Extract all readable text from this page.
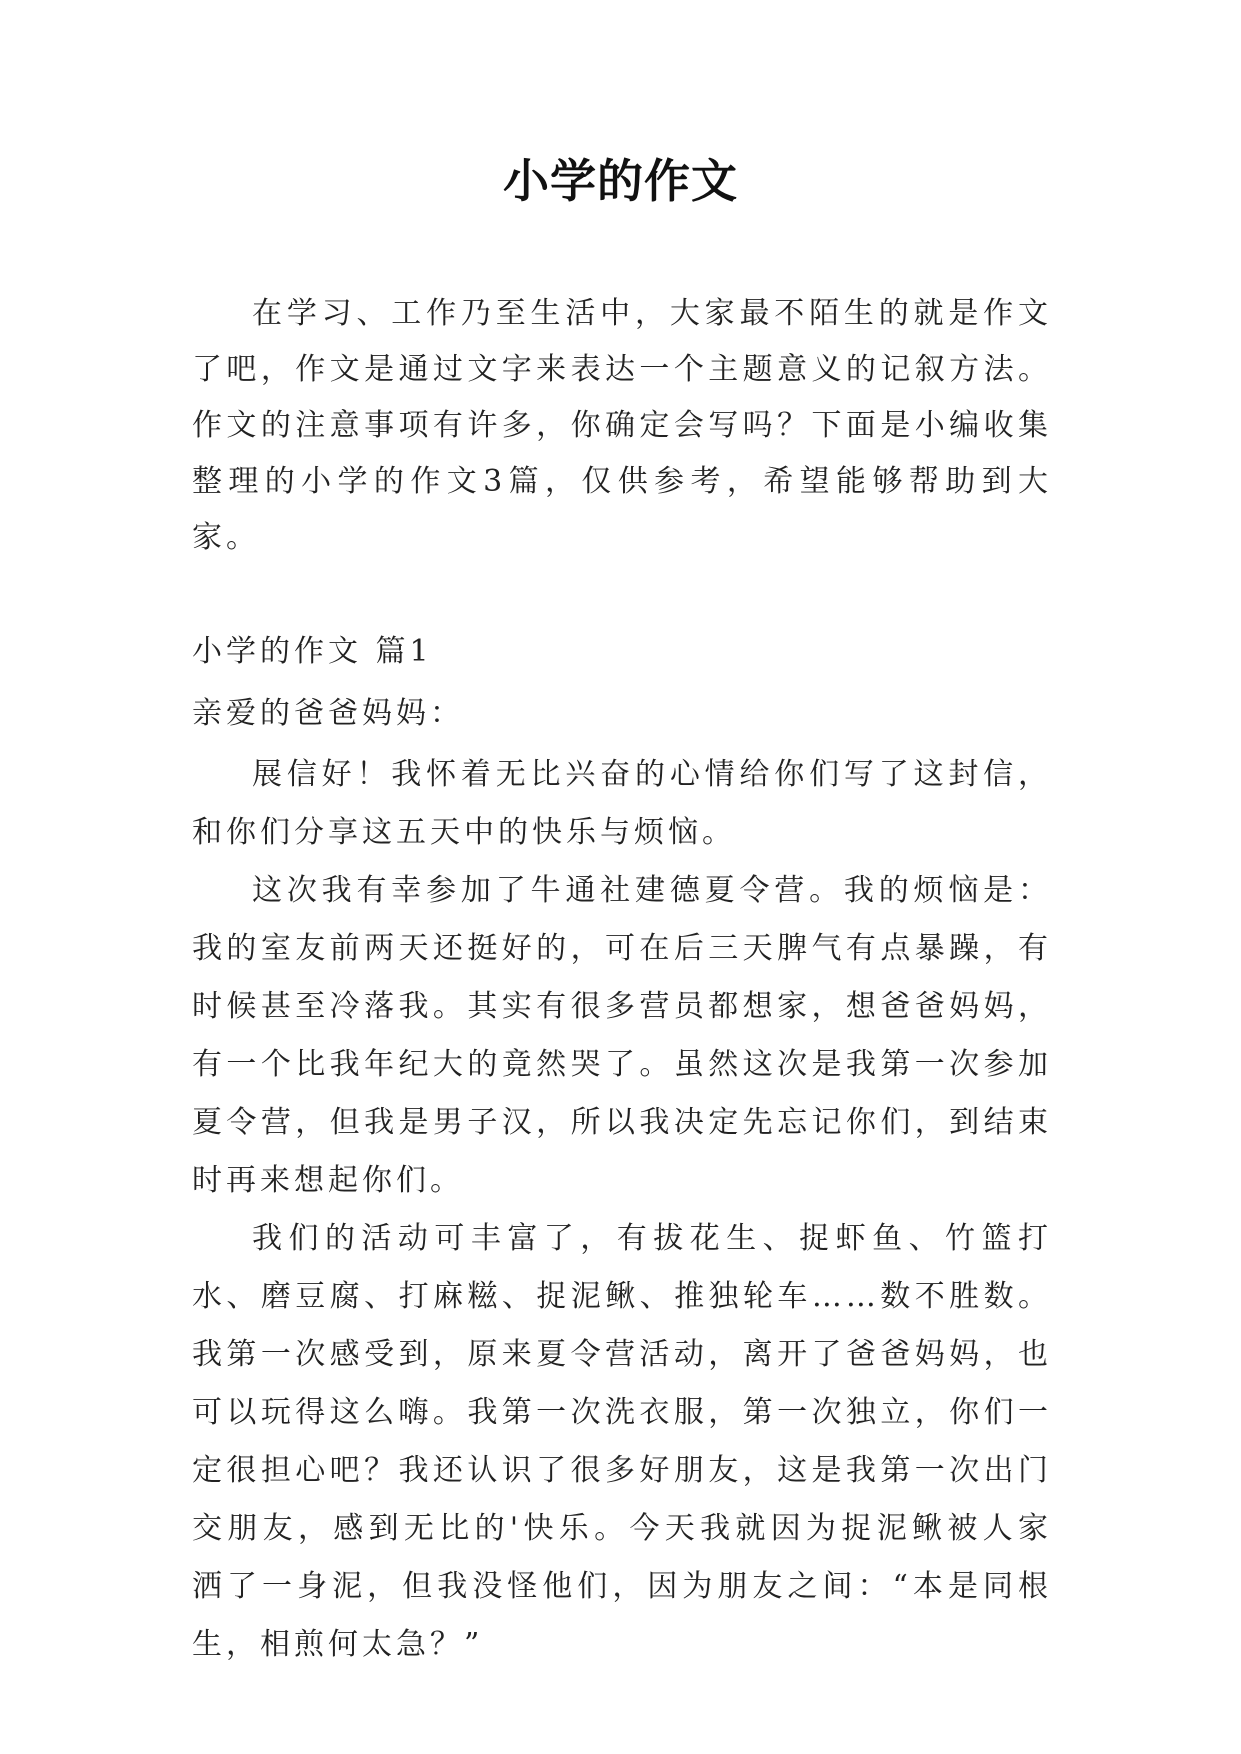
小学的作文

在学习、工作乃至生活中，大家最不陌生的就是作文了吧，作文是通过文字来表达一个主题意义的记叙方法。作文的注意事项有许多，你确定会写吗？下面是小编收集整理的小学的作文3篇，仅供参考，希望能够帮助到大家。

小学的作文 篇1

亲爱的爸爸妈妈：

展信好！我怀着无比兴奋的心情给你们写了这封信，和你们分享这五天中的快乐与烦恼。

这次我有幸参加了牛通社建德夏令营。我的烦恼是：我的室友前两天还挺好的，可在后三天脾气有点暴躁，有时候甚至冷落我。其实有很多营员都想家，想爸爸妈妈，有一个比我年纪大的竟然哭了。虽然这次是我第一次参加夏令营，但我是男子汉，所以我决定先忘记你们，到结束时再来想起你们。

我们的活动可丰富了，有拔花生、捉虾鱼、竹篮打水、磨豆腐、打麻糍、捉泥鳅、推独轮车……数不胜数。我第一次感受到，原来夏令营活动，离开了爸爸妈妈，也可以玩得这么嗨。我第一次洗衣服，第一次独立，你们一定很担心吧？我还认识了很多好朋友，这是我第一次出门交朋友，感到无比的'快乐。今天我就因为捉泥鳅被人家洒了一身泥，但我没怪他们，因为朋友之间：“本是同根生，相煎何太急？”
